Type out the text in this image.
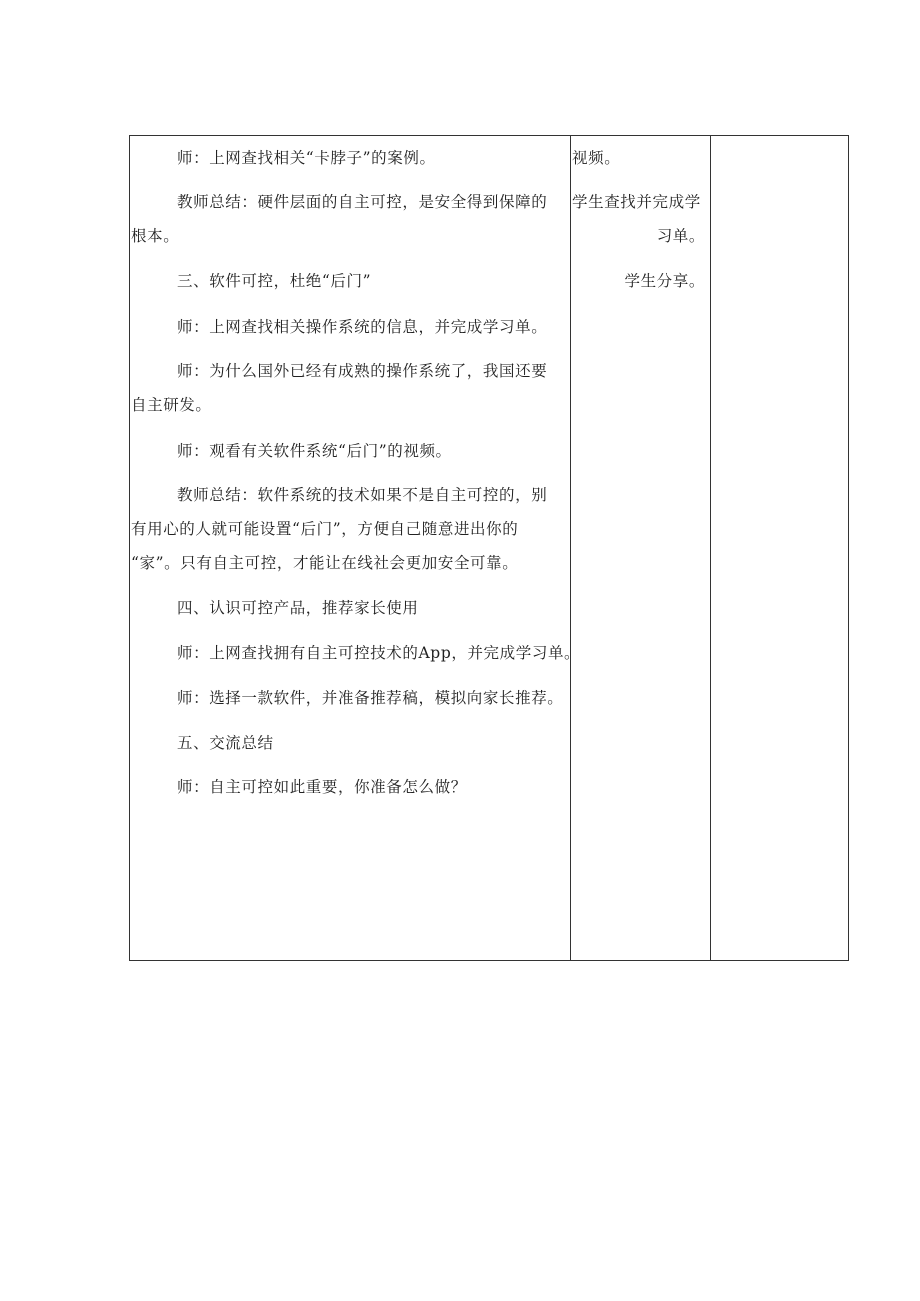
师：上网查找相关“卡脖子”的案例。
教师总结：硬件层面的自主可控，是安全得到保障的
根本。
三、软件可控，杜绝“后门”
师：上网查找相关操作系统的信息，并完成学习单。
师：为什么国外已经有成熟的操作系统了，我国还要
自主研发。
师：观看有关软件系统“后门”的视频。
教师总结：软件系统的技术如果不是自主可控的，别
有用心的人就可能设置“后门”，方便自己随意进出你的
“家”。只有自主可控，才能让在线社会更加安全可靠。
四、认识可控产品，推荐家长使用
师：上网查找拥有自主可控技术的App，并完成学习单。
师：选择一款软件，并准备推荐稿，模拟向家长推荐。
五、交流总结
师：自主可控如此重要，你准备怎么做？
视频。
学生查找并完成学
习单。
学生分享。
